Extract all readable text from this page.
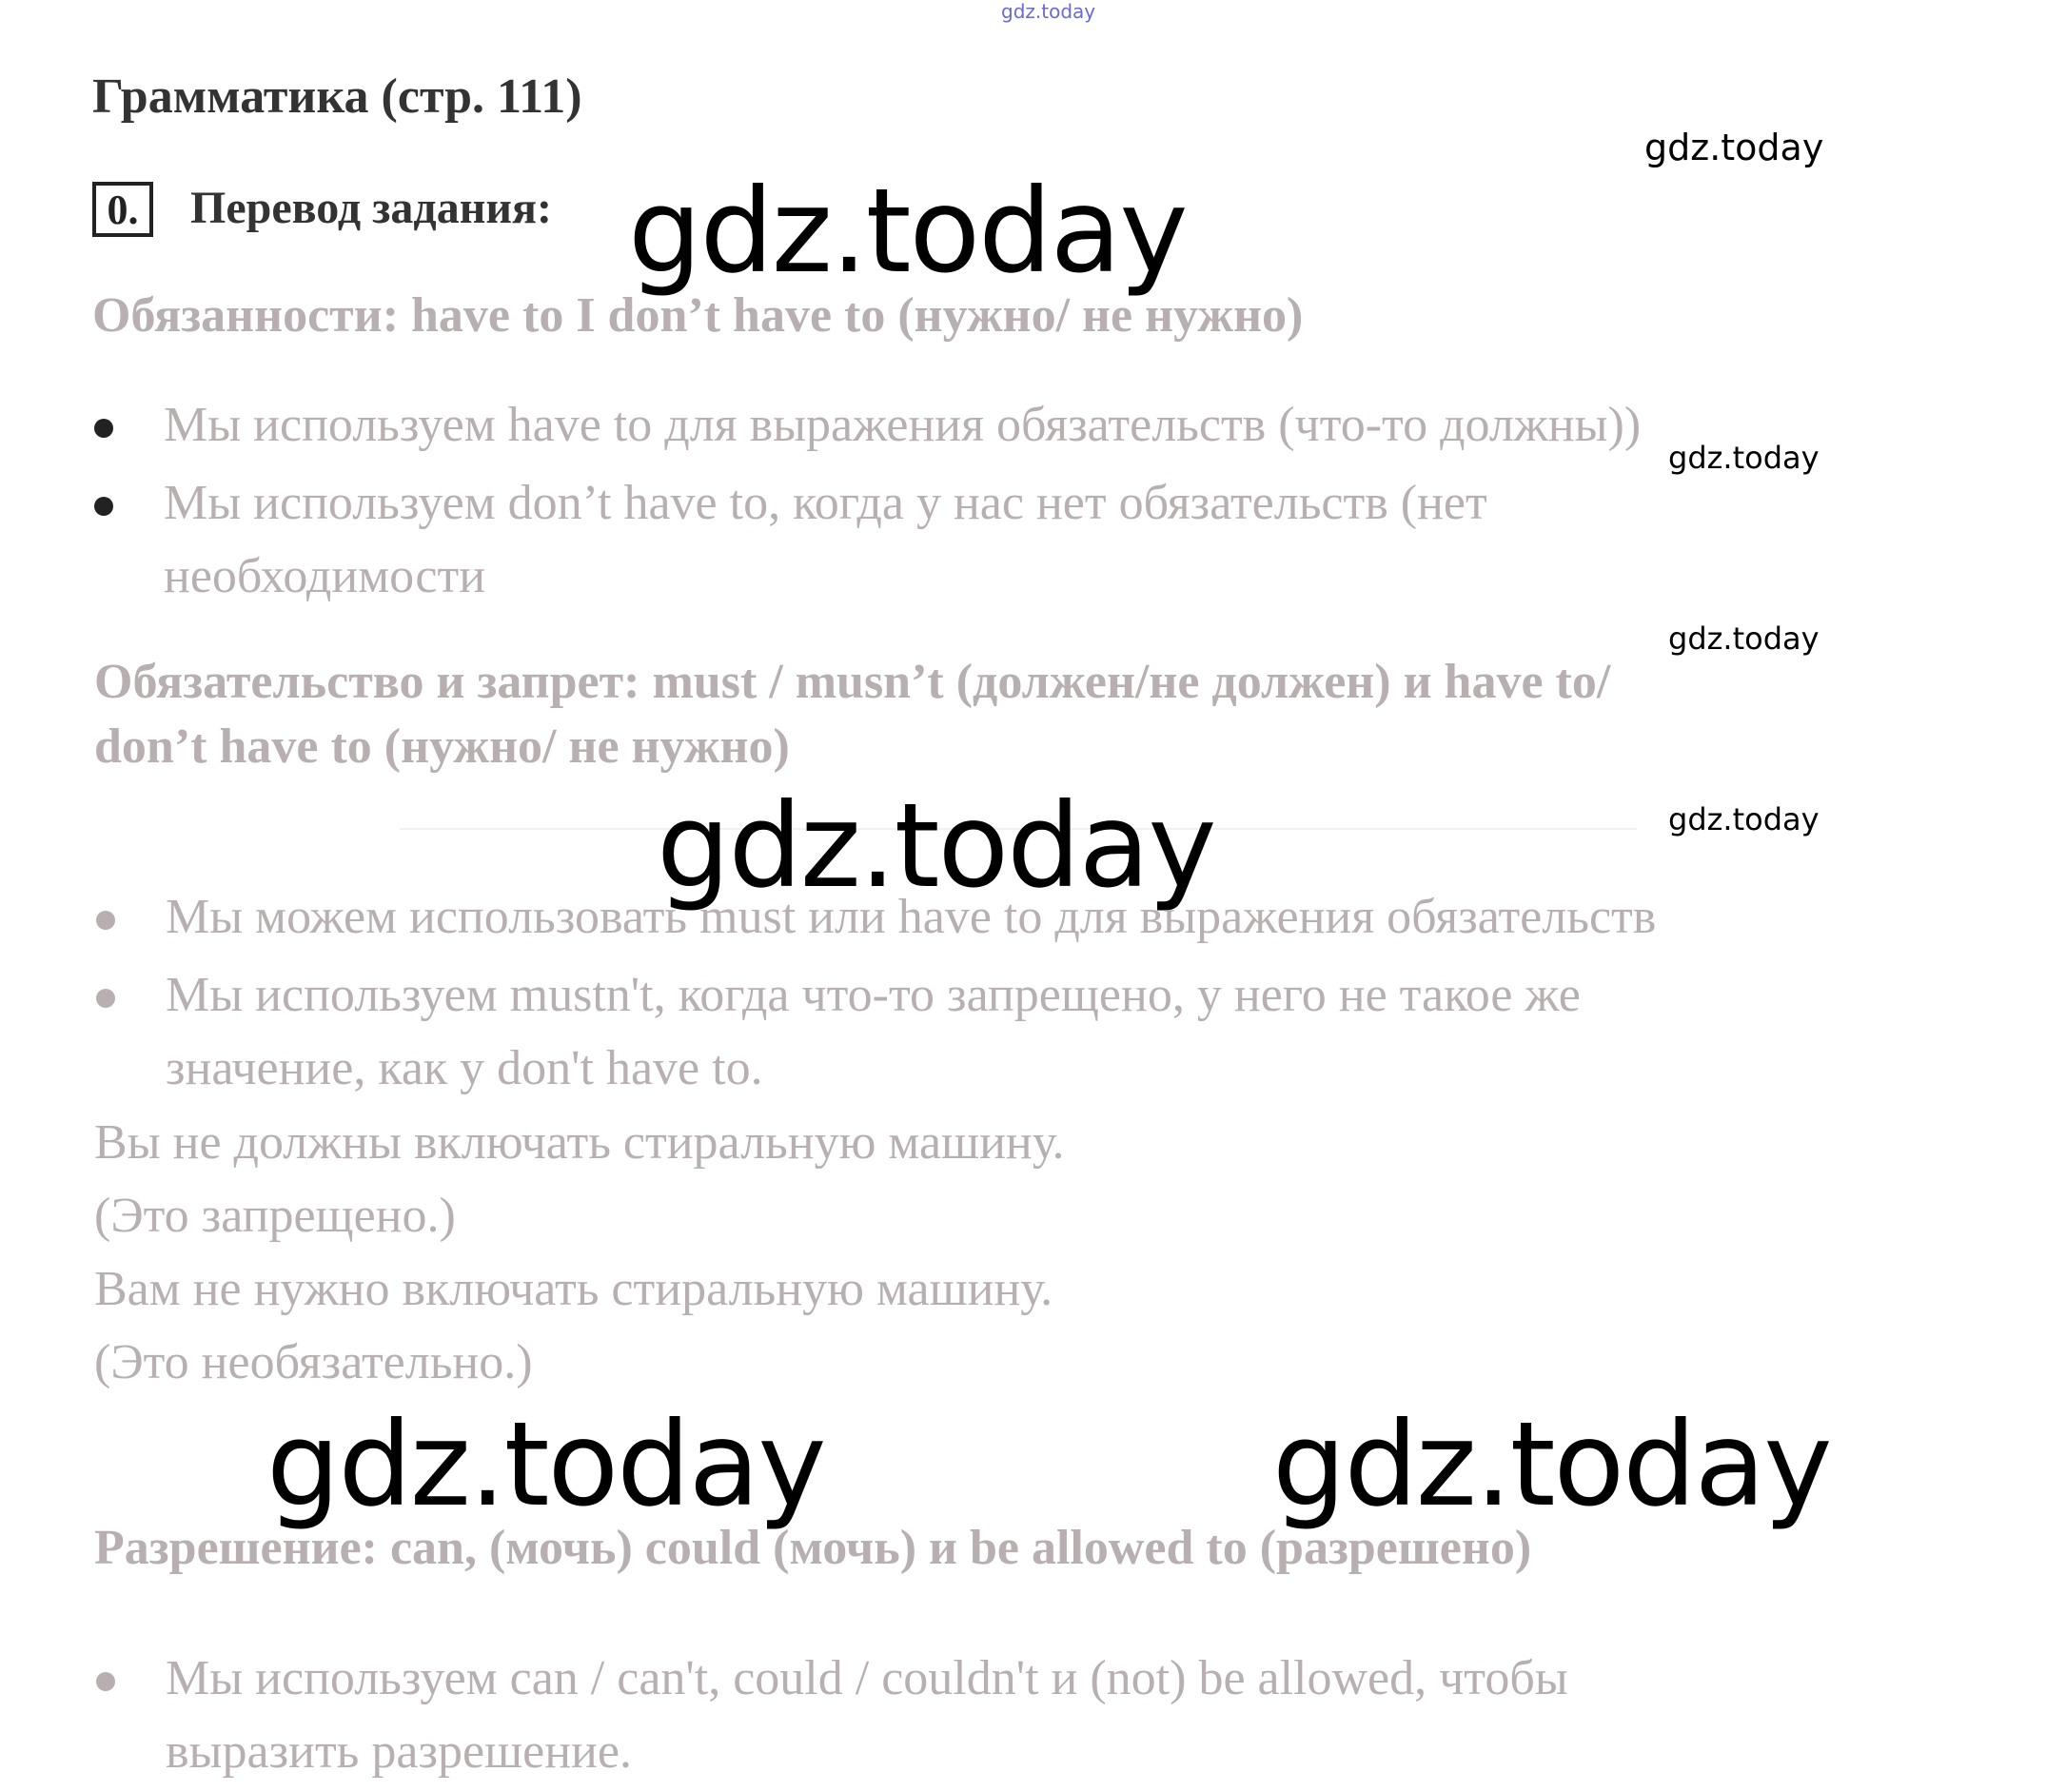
gdz.today
Грамматика (стр. 111)
gdz.today
0.	Перевод задания: gdz.today
Обязанности: have to I don’t have to (нужно/ не нужно)
Мы используем have to для выражения обязательств (что-то должны))
gdz.today
Мы используем don’t have to, когда у нас нет обязательств (нет
необходимости
gdz.today
Обязательство и запрет: must / musn’t (должен/не должен) и have to/
don’t have to (нужно/ не нужно)
gdz.today
gdz.today
Мы можем использовать must или have to для выражения обязательств
Мы используем mustn't, когда что-то запрещено, у него не такое же
значение, как у don't have to.
Вы не должны включать стиральную машину.
(Это запрещено.)
Вам не нужно включать стиральную машину.
(Это необязательно.)
gdz.today	gdz.today
Разрешение: can, (мочь) could (мочь) и be allowed to (разрешено)
Мы используем can / can't, could / couldn't и (not) be allowed, чтобы
выразить разрешение.
